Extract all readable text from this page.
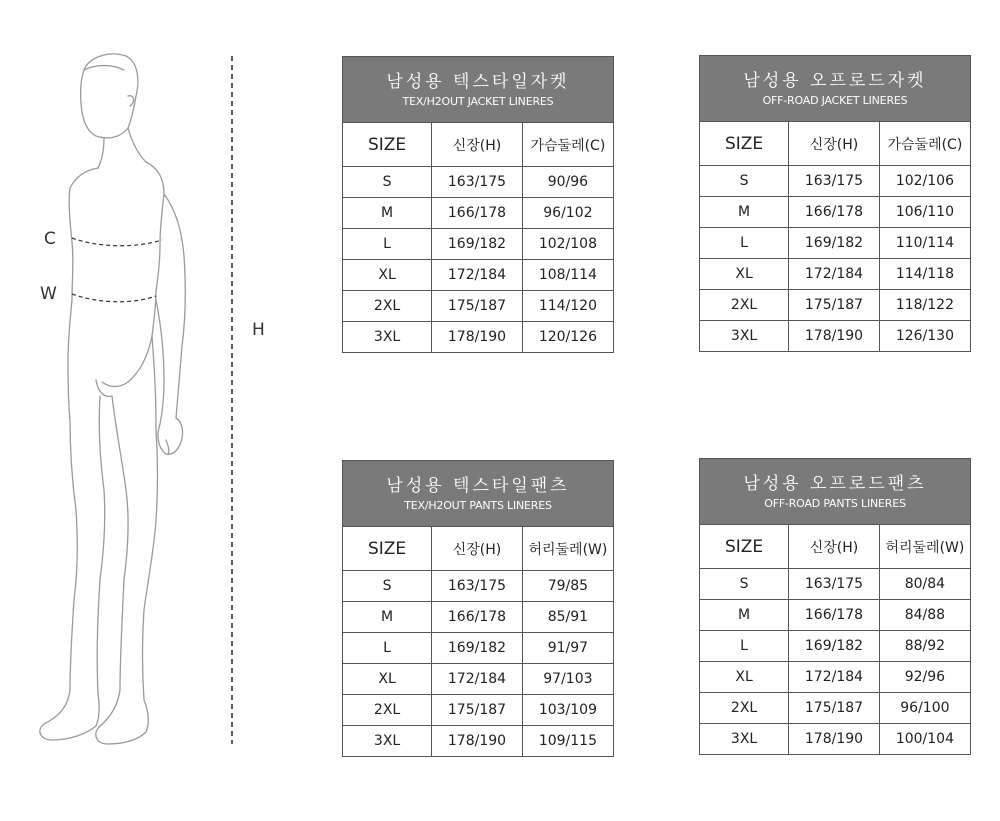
C
W
H
남성용 텍스타일자켓
TEX/H2OUT JACKET LINERES
SIZE	신장(H)	가슴둘레(C)
S	163/175	90/96
M	166/178	96/102
L	169/182	102/108
XL	172/184	108/114
2XL	175/187	114/120
3XL	178/190	120/126
남성용 오프로드자켓
OFF-ROAD JACKET LINERES
SIZE	신장(H)	가슴둘레(C)
S	163/175	102/106
M	166/178	106/110
L	169/182	110/114
XL	172/184	114/118
2XL	175/187	118/122
3XL	178/190	126/130
남성용 텍스타일팬츠
TEX/H2OUT PANTS LINERES
SIZE	신장(H)	허리둘레(W)
S	163/175	79/85
M	166/178	85/91
L	169/182	91/97
XL	172/184	97/103
2XL	175/187	103/109
3XL	178/190	109/115
남성용 오프로드팬츠
OFF-ROAD PANTS LINERES
SIZE	신장(H)	허리둘레(W)
S	163/175	80/84
M	166/178	84/88
L	169/182	88/92
XL	172/184	92/96
2XL	175/187	96/100
3XL	178/190	100/104
